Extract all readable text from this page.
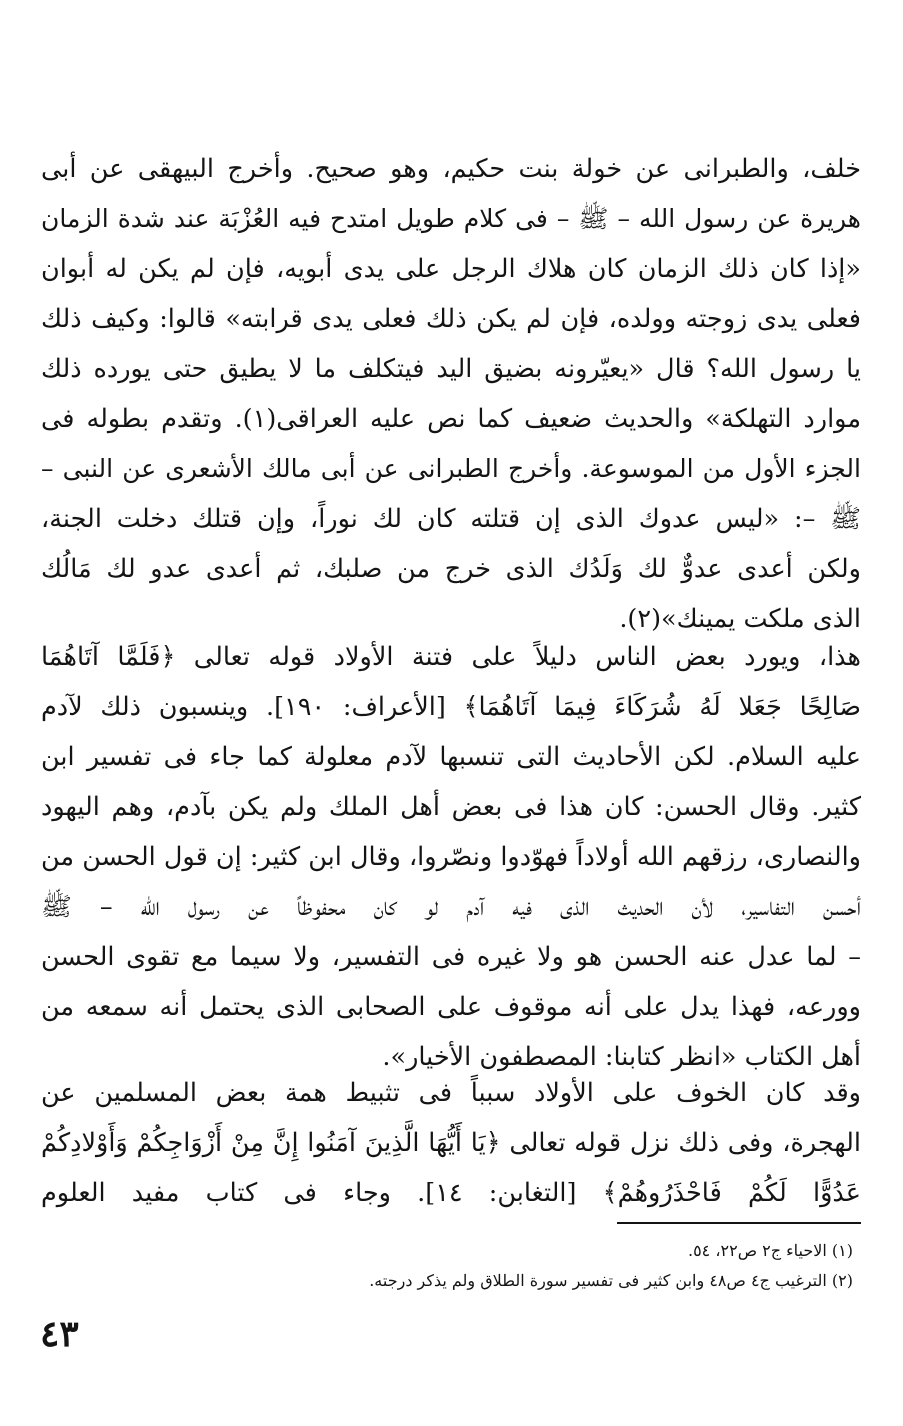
خلف، والطبرانى عن خولة بنت حكيم، وهو صحيح. وأخرج البيهقى عن أبى
هريرة عن رسول الله – ﷺ – فى كلام طويل امتدح فيه العُزْبَة عند شدة الزمان
«إذا كان ذلك الزمان كان هلاك الرجل على يدى أبويه، فإن لم يكن له أبوان
فعلى يدى زوجته وولده، فإن لم يكن ذلك فعلى يدى قرابته» قالوا: وكيف ذلك
يا رسول الله؟ قال «يعيّرونه بضيق اليد فيتكلف ما لا يطيق حتى يورده ذلك
موارد التهلكة» والحديث ضعيف كما نص عليه العراقى(١). وتقدم بطوله فى
الجزء الأول من الموسوعة. وأخرج الطبرانى عن أبى مالك الأشعرى عن النبى –
ﷺ –: «ليس عدوك الذى إن قتلته كان لك نوراً، وإن قتلك دخلت الجنة،
ولكن أعدى عدوٌّ لك وَلَدُك الذى خرج من صلبك، ثم أعدى عدو لك مَالُك
الذى ملكت يمينك»(٢).
هذا، ويورد بعض الناس دليلاً على فتنة الأولاد قوله تعالى ﴿فَلَمَّا آتَاهُمَا
صَالِحًا جَعَلا لَهُ شُرَكَاءَ فِيمَا آتَاهُمَا﴾ [الأعراف: ١٩٠]. وينسبون ذلك لآدم
عليه السلام. لكن الأحاديث التى تنسبها لآدم معلولة كما جاء فى تفسير ابن
كثير. وقال الحسن: كان هذا فى بعض أهل الملك ولم يكن بآدم، وهم اليهود
والنصارى، رزقهم الله أولاداً فهوّدوا ونصّروا، وقال ابن كثير: إن قول الحسن من
أحسن التفاسير، لأن الحديث الذى فيه آدم لو كان محفوظاً عن رسول الله – ﷺ
– لما عدل عنه الحسن هو ولا غيره فى التفسير، ولا سيما مع تقوى الحسن
وورعه، فهذا يدل على أنه موقوف على الصحابى الذى يحتمل أنه سمعه من
أهل الكتاب «انظر كتابنا: المصطفون الأخيار».
وقد كان الخوف على الأولاد سبباً فى تثبيط همة بعض المسلمين عن
الهجرة، وفى ذلك نزل قوله تعالى ﴿يَا أَيُّهَا الَّذِينَ آمَنُوا إِنَّ مِنْ أَزْوَاجِكُمْ وَأَوْلادِكُمْ
عَدُوًّا لَكُمْ فَاحْذَرُوهُمْ﴾ [التغابن: ١٤]. وجاء فى كتاب مفيد العلوم
(١) الاحياء ج٢ ص٢٢، ٥٤.
(٢) الترغيب ج٤ ص٤٨ وابن كثير فى تفسير سورة الطلاق ولم يذكر درجته.
٤٣
